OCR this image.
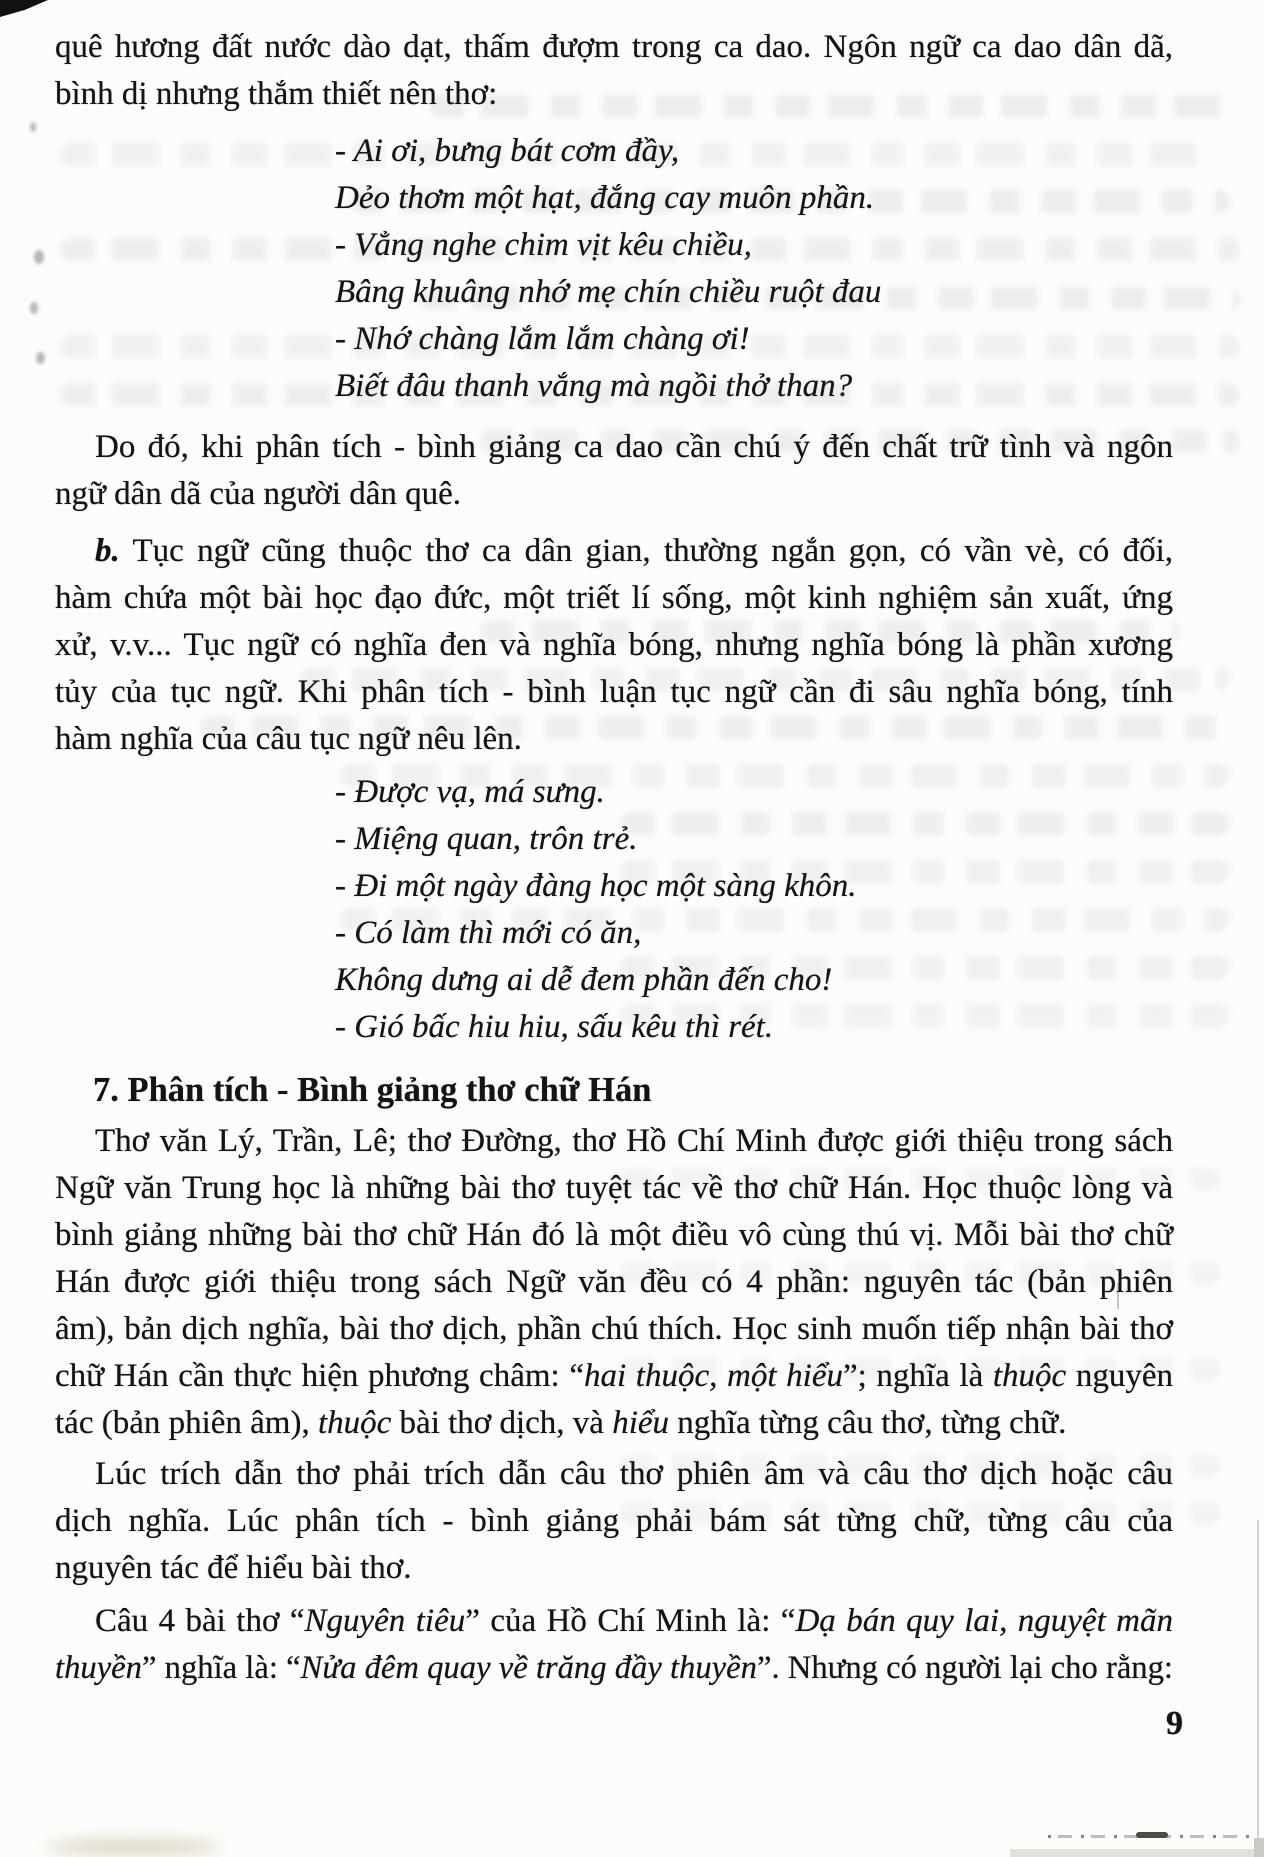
quê hương đất nước dào dạt, thấm đượm trong ca dao. Ngôn ngữ ca dao dân dã,
bình dị nhưng thắm thiết nên thơ:
- Ai ơi, bưng bát cơm đầy,
Dẻo thơm một hạt, đắng cay muôn phần.
- Vẳng nghe chim vịt kêu chiều,
Bâng khuâng nhớ mẹ chín chiều ruột đau
- Nhớ chàng lắm lắm chàng ơi!
Biết đâu thanh vắng mà ngồi thở than?
Do đó, khi phân tích - bình giảng ca dao cần chú ý đến chất trữ tình và ngôn
ngữ dân dã của người dân quê.
b. Tục ngữ cũng thuộc thơ ca dân gian, thường ngắn gọn, có vần vè, có đối,
hàm chứa một bài học đạo đức, một triết lí sống, một kinh nghiệm sản xuất, ứng
xử, v.v... Tục ngữ có nghĩa đen và nghĩa bóng, nhưng nghĩa bóng là phần xương
tủy của tục ngữ. Khi phân tích - bình luận tục ngữ cần đi sâu nghĩa bóng, tính
hàm nghĩa của câu tục ngữ nêu lên.
- Được vạ, má sưng.
- Miệng quan, trôn trẻ.
- Đi một ngày đàng học một sàng khôn.
- Có làm thì mới có ăn,
Không dưng ai dễ đem phần đến cho!
- Gió bấc hiu hiu, sấu kêu thì rét.
7. Phân tích - Bình giảng thơ chữ Hán
Thơ văn Lý, Trần, Lê; thơ Đường, thơ Hồ Chí Minh được giới thiệu trong sách
Ngữ văn Trung học là những bài thơ tuyệt tác về thơ chữ Hán. Học thuộc lòng và
bình giảng những bài thơ chữ Hán đó là một điều vô cùng thú vị. Mỗi bài thơ chữ
Hán được giới thiệu trong sách Ngữ văn đều có 4 phần: nguyên tác (bản phiên
âm), bản dịch nghĩa, bài thơ dịch, phần chú thích. Học sinh muốn tiếp nhận bài thơ
chữ Hán cần thực hiện phương châm: “hai thuộc, một hiểu”; nghĩa là thuộc nguyên
tác (bản phiên âm), thuộc bài thơ dịch, và hiểu nghĩa từng câu thơ, từng chữ.
Lúc trích dẫn thơ phải trích dẫn câu thơ phiên âm và câu thơ dịch hoặc câu
dịch nghĩa. Lúc phân tích - bình giảng phải bám sát từng chữ, từng câu của
nguyên tác để hiểu bài thơ.
Câu 4 bài thơ “Nguyên tiêu” của Hồ Chí Minh là: “Dạ bán quy lai, nguyệt mãn
thuyền” nghĩa là: “Nửa đêm quay về trăng đầy thuyền”. Nhưng có người lại cho rằng:
9
